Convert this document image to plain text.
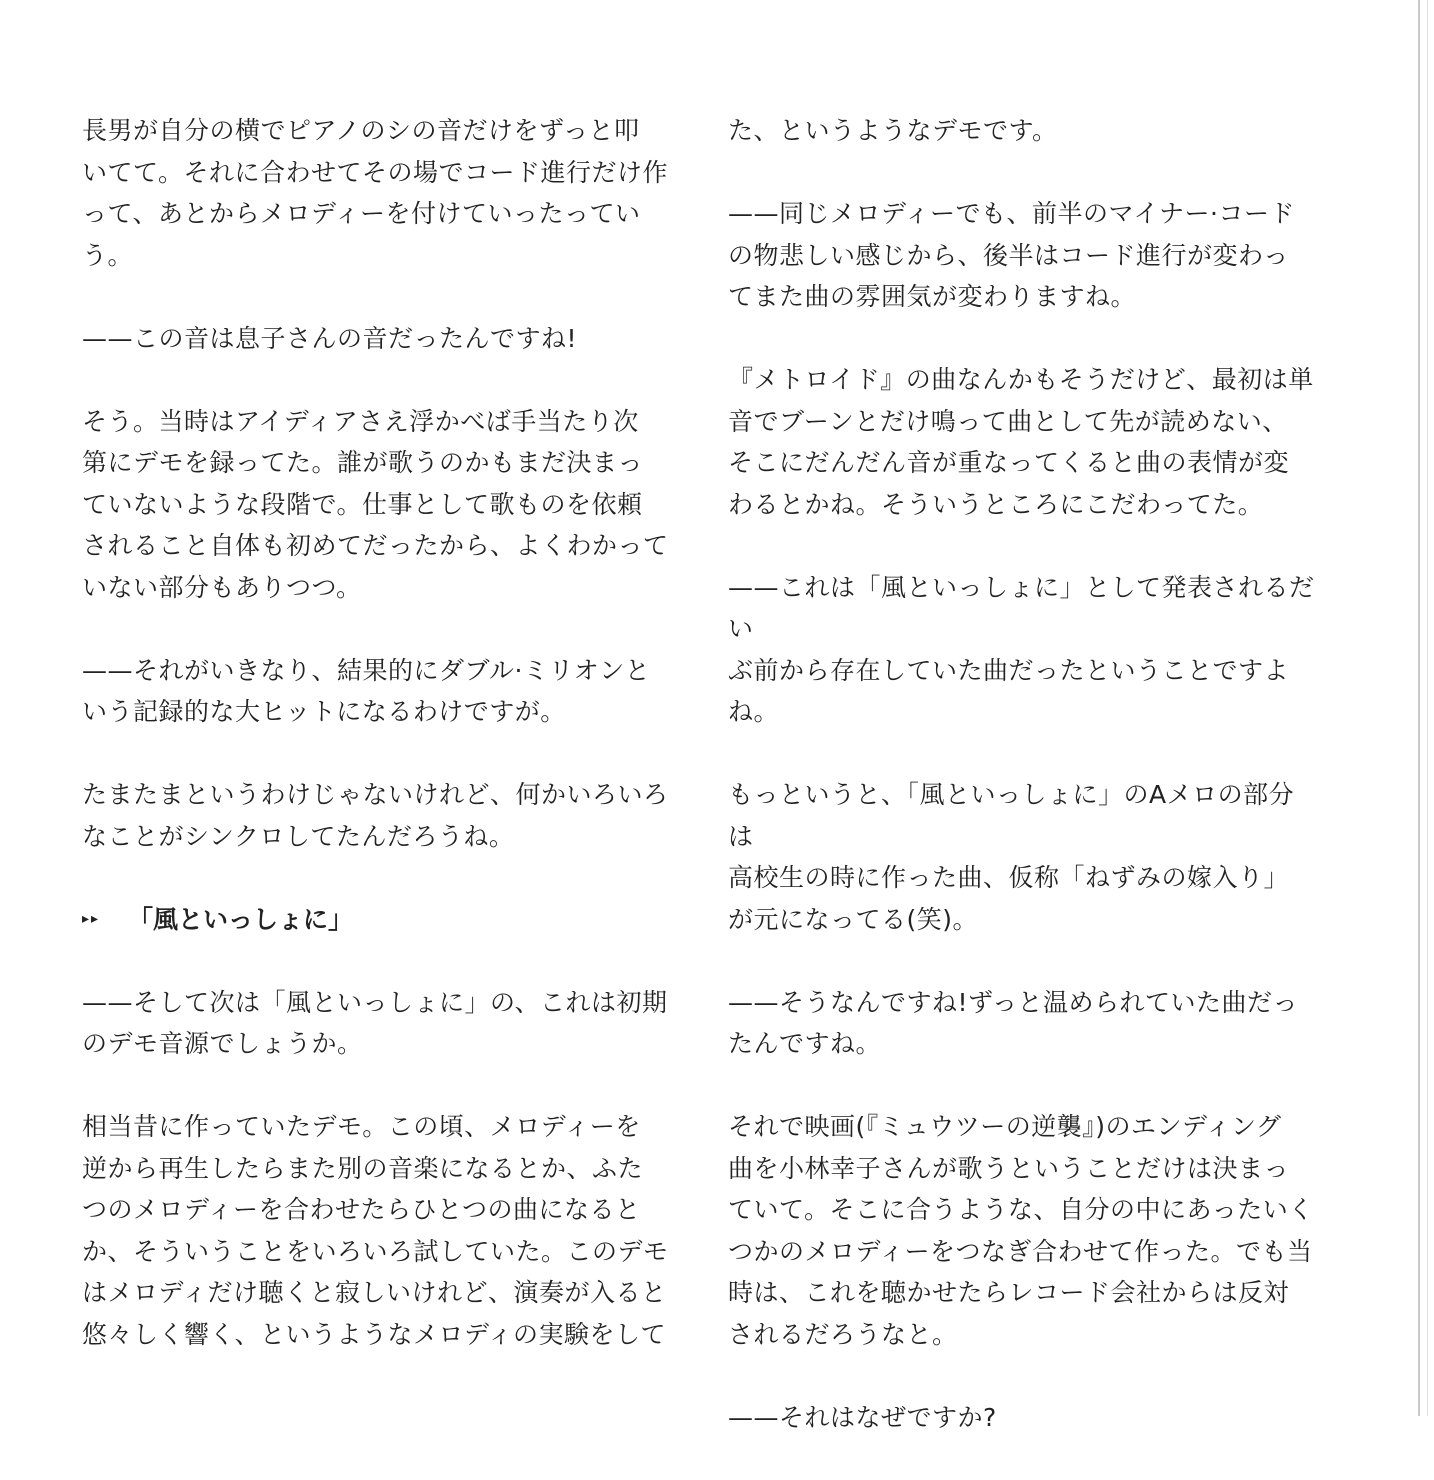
長男が自分の横でピアノのシの音だけをずっと叩
いてて。それに合わせてその場でコード進行だけ作
って、あとからメロディーを付けていったっていう。

——この音は息子さんの音だったんですね!

そう。当時はアイディアさえ浮かべば手当たり次
第にデモを録ってた。誰が歌うのかもまだ決まっ
ていないような段階で。仕事として歌ものを依頼
されること自体も初めてだったから、よくわかって
いない部分もありつつ。

——それがいきなり、結果的にダブル·ミリオンと
いう記録的な大ヒットになるわけですが。

たまたまというわけじゃないけれど、何かいろいろ
なことがシンクロしてたんだろうね。

▸▸	「風といっしょに」

——そして次は「風といっしょに」の、これは初期
のデモ音源でしょうか。

相当昔に作っていたデモ。この頃、メロディーを
逆から再生したらまた別の音楽になるとか、ふた
つのメロディーを合わせたらひとつの曲になると
か、そういうことをいろいろ試していた。このデモ
はメロディだけ聴くと寂しいけれど、演奏が入ると
悠々しく響く、というようなメロディの実験をして

た、というようなデモです。

——同じメロディーでも、前半のマイナー·コード
の物悲しい感じから、後半はコード進行が変わっ
てまた曲の雰囲気が変わりますね。

『メトロイド』の曲なんかもそうだけど、最初は単
音でブーンとだけ鳴って曲として先が読めない、
そこにだんだん音が重なってくると曲の表情が変
わるとかね。そういうところにこだわってた。

——これは「風といっしょに」として発表されるだい
ぶ前から存在していた曲だったということですよね。

もっというと、「風といっしょに」のAメロの部分は
高校生の時に作った曲、仮称「ねずみの嫁入り」
が元になってる(笑)。

——そうなんですね!ずっと温められていた曲だっ
たんですね。

それで映画(『ミュウツーの逆襲』)のエンディング
曲を小林幸子さんが歌うということだけは決まっ
ていて。そこに合うような、自分の中にあったいく
つかのメロディーをつなぎ合わせて作った。でも当
時は、これを聴かせたらレコード会社からは反対
されるだろうなと。

——それはなぜですか?
